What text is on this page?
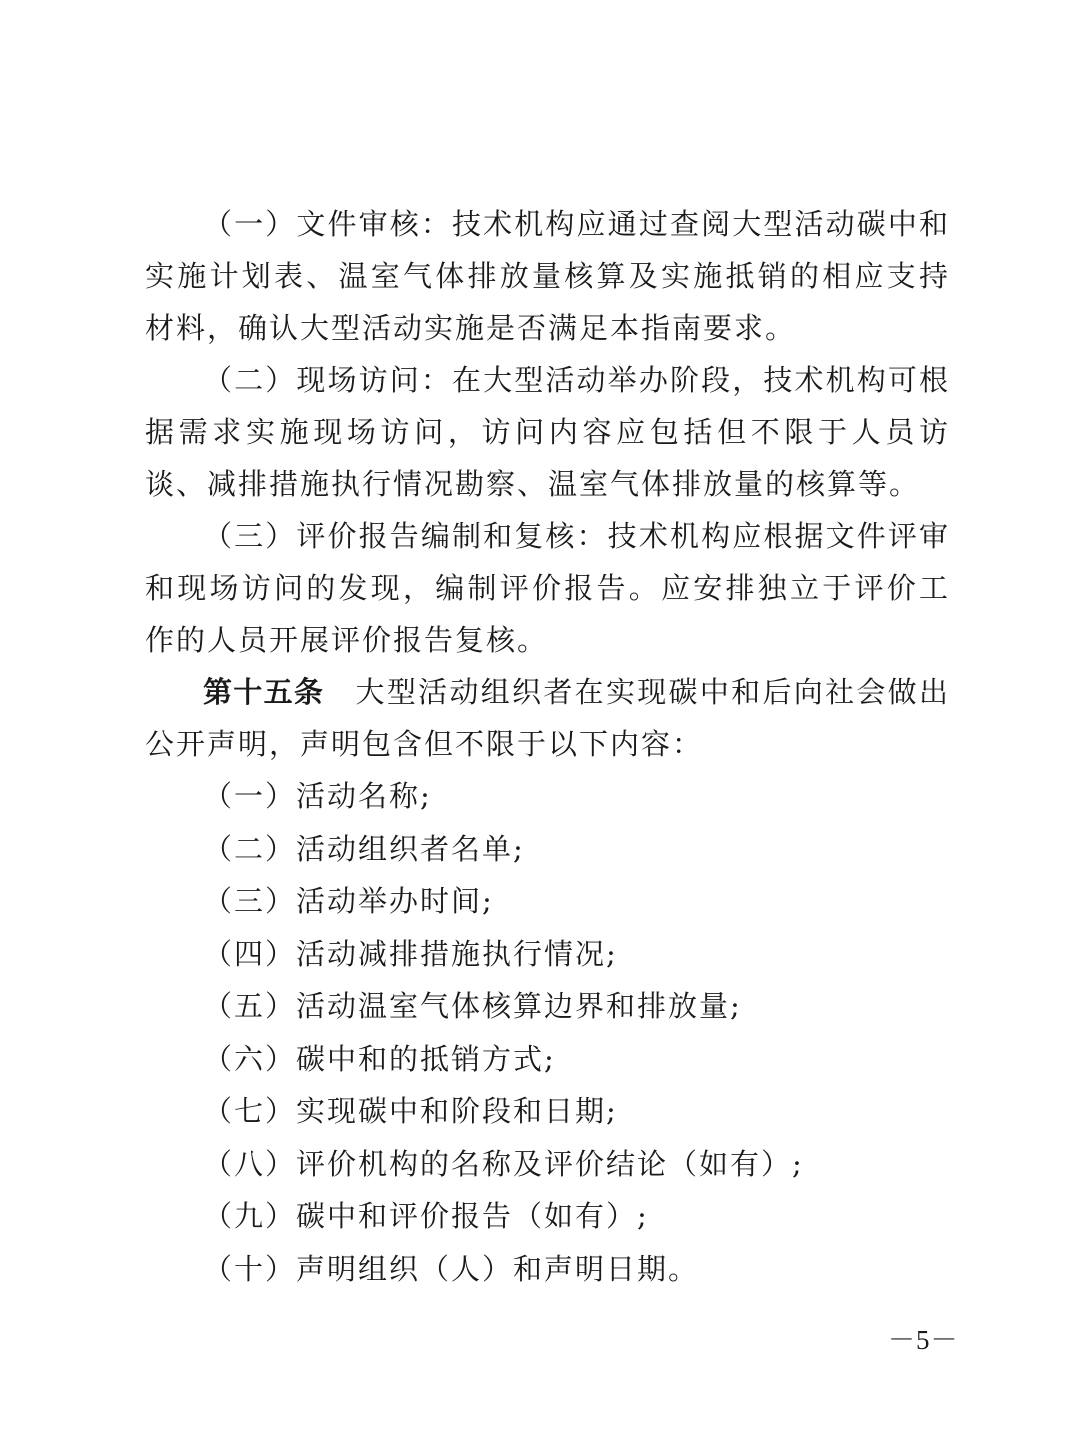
（一）文件审核：技术机构应通过查阅大型活动碳中和实施计划表、温室气体排放量核算及实施抵销的相应支持材料，确认大型活动实施是否满足本指南要求。

（二）现场访问：在大型活动举办阶段，技术机构可根据需求实施现场访问，访问内容应包括但不限于人员访谈、减排措施执行情况勘察、温室气体排放量的核算等。

（三）评价报告编制和复核：技术机构应根据文件评审和现场访问的发现，编制评价报告。应安排独立于评价工作的人员开展评价报告复核。

第十五条　 大型活动组织者在实现碳中和后向社会做出公开声明，声明包含但不限于以下内容：

（一）活动名称;

（二）活动组织者名单;

（三）活动举办时间;

（四）活动减排措施执行情况;

（五）活动温室气体核算边界和排放量;

（六）碳中和的抵销方式;

（七）实现碳中和阶段和日期;

（八）评价机构的名称及评价结论（如有）;

（九）碳中和评价报告（如有）;

（十）声明组织（人）和声明日期。

－5－
